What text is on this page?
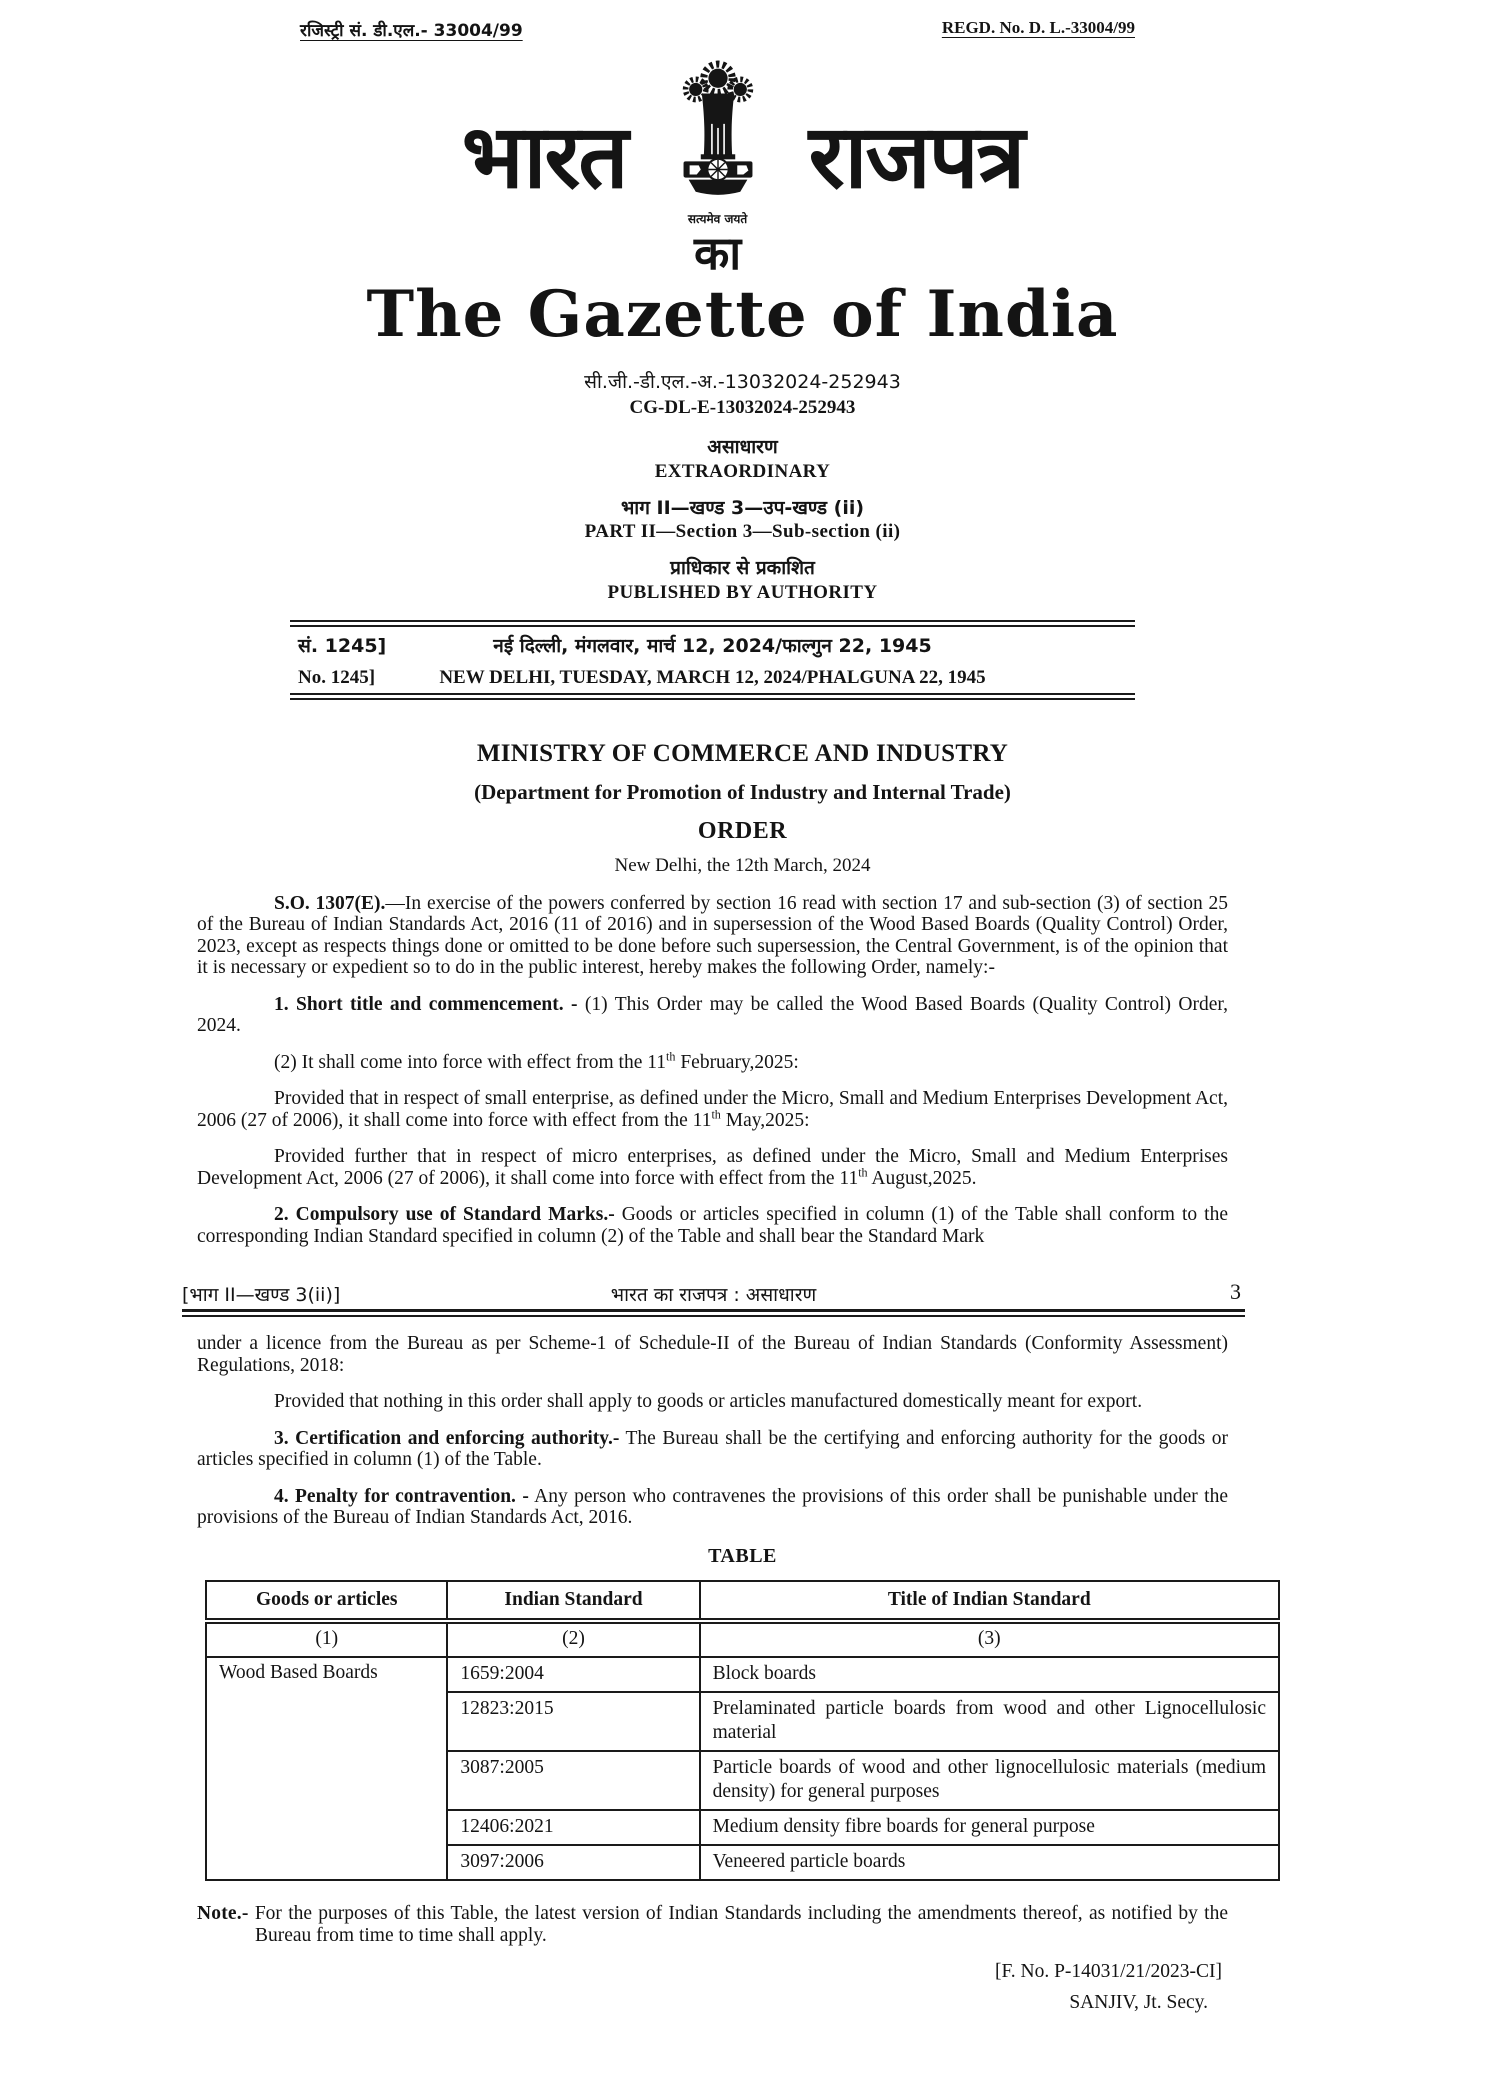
रजिस्ट्री सं. डी.एल.- 33004/99	REGD. No. D. L.-33004/99
भारत
सत्यमेव जयते
का
राजपत्र
The Gazette of India
सी.जी.-डी.एल.-अ.-13032024-252943
CG-DL-E-13032024-252943
असाधारण
EXTRAORDINARY
भाग II—खण्ड 3—उप-खण्ड (ii)
PART II—Section 3—Sub-section (ii)
प्राधिकार से प्रकाशित
PUBLISHED BY AUTHORITY
सं. 1245]	नई दिल्ली, मंगलवार, मार्च 12, 2024/फाल्गुन 22, 1945
No. 1245]	NEW DELHI, TUESDAY, MARCH 12, 2024/PHALGUNA 22, 1945
MINISTRY OF COMMERCE AND INDUSTRY
(Department for Promotion of Industry and Internal Trade)
ORDER
New Delhi, the 12th March, 2024

S.O. 1307(E).—In exercise of the powers conferred by section 16 read with section 17 and sub-section (3) of section 25 of the Bureau of Indian Standards Act, 2016 (11 of 2016) and in supersession of the Wood Based Boards (Quality Control) Order, 2023, except as respects things done or omitted to be done before such supersession, the Central Government, is of the opinion that it is necessary or expedient so to do in the public interest, hereby makes the following Order, namely:-

1. Short title and commencement. - (1) This Order may be called the Wood Based Boards (Quality Control) Order, 2024.

(2) It shall come into force with effect from the 11th February,2025:

Provided that in respect of small enterprise, as defined under the Micro, Small and Medium Enterprises Development Act, 2006 (27 of 2006), it shall come into force with effect from the 11th May,2025:

Provided further that in respect of micro enterprises, as defined under the Micro, Small and Medium Enterprises Development Act, 2006 (27 of 2006), it shall come into force with effect from the 11th August,2025.

2. Compulsory use of Standard Marks.- Goods or articles specified in column (1) of the Table shall conform to the corresponding Indian Standard specified in column (2) of the Table and shall bear the Standard Mark

[भाग II—खण्ड 3(ii)]	भारत का राजपत्र : असाधारण	3

under a licence from the Bureau as per Scheme-1 of Schedule-II of the Bureau of Indian Standards (Conformity Assessment) Regulations, 2018:

Provided that nothing in this order shall apply to goods or articles manufactured domestically meant for export.

3. Certification and enforcing authority.- The Bureau shall be the certifying and enforcing authority for the goods or articles specified in column (1) of the Table.

4. Penalty for contravention. - Any person who contravenes the provisions of this order shall be punishable under the provisions of the Bureau of Indian Standards Act, 2016.

TABLE
Goods or articles	Indian Standard	Title of Indian Standard
(1)	(2)	(3)
Wood Based Boards	1659:2004	Block boards
	12823:2015	Prelaminated particle boards from wood and other Lignocellulosic material
	3087:2005	Particle boards of wood and other lignocellulosic materials (medium density) for general purposes
	12406:2021	Medium density fibre boards for general purpose
	3097:2006	Veneered particle boards
Note.- For the purposes of this Table, the latest version of Indian Standards including the amendments thereof, as notified by the Bureau from time to time shall apply.
[F. No. P-14031/21/2023-CI]
SANJIV, Jt. Secy.
